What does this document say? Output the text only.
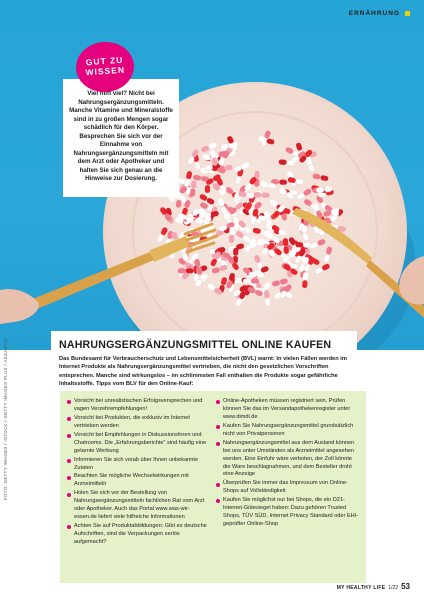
ERNÄHRUNG

Viel hilft viel? Nicht bei Nahrungsergänzungsmitteln. Manche Vitamine und Mineralstoffe sind in zu großen Mengen sogar schädlich für den Körper. Besprechen Sie sich vor der Einnahme von Nahrungsergänzungsmitteln mit dem Arzt oder Apotheker und halten Sie sich genau an die Hinweise zur Dosierung.

GUT ZU
WISSEN
FOTO: GETTY IMAGES / ISTOCK / GETTY IMAGES PLUS / AZGAR311	NAHRUNGSERGÄNZUNGSMITTEL ONLINE KAUFEN

Das Bundesamt für Verbraucherschutz und Lebensmittelsicherheit (BVL) warnt: In vielen Fällen werden im Internet Produkte als Nahrungsergänzungsmittel vertrieben, die nicht den gesetzlichen Vorschriften entsprechen. Manche sind wirkungslos – im schlimmsten Fall enthalten die Produkte sogar gefährliche Inhaltsstoffe. Tipps vom BLV für den Online-Kauf:

Vorsicht bei unrealistischen Erfolgsversprechen und vagen Verzehrempfehlungen!
Vorsicht bei Produkten, die exklusiv im Internet vertrieben werden
Vorsicht bei Empfehlungen in Diskussionsforen und Chatrooms. Die „Erfahrungsberichte“ sind häufig eine getarnte Werbung
Informieren Sie sich vorab über Ihnen unbekannte Zutaten
Beachten Sie mögliche Wechselwirkungen mit Arzneimitteln
Holen Sie sich vor der Bestellung von Nahrungsergänzungsmitteln fachlichen Rat vom Arzt oder Apotheker. Auch das Portal www.was-wir-essen.de liefert viele hilfreiche Informationen
Achten Sie auf Produktabbildungen: Gibt es deutsche Aufschriften, sind die Verpackungen seriös aufgemacht?
Online-Apotheken müssen registriert sein. Prüfen können Sie das im Versandapothekenregister unter www.dimdi.de
Kaufen Sie Nahrungsergänzungsmittel grundsätzlich nicht von Privatpersonen
Nahrungsergänzungsmittel aus dem Ausland können bei uns unter Umständen als Arzneimittel angesehen werden. Eine Einfuhr wäre verboten, der Zoll könnte die Ware beschlagnahmen, und dem Besteller droht eine Anzeige
Überprüfen Sie immer das Impressum von Online-Shops auf Vollständigkeit
Kaufen Sie möglichst nur bei Shops, die ein D21-Internet-Gütesiegel haben: Dazu gehören Trusted Shops, TÜV SÜD, Internet Privacy Standard oder EHI-geprüfter Online-Shop
MY HEALTHY LIFE 1/22 53
